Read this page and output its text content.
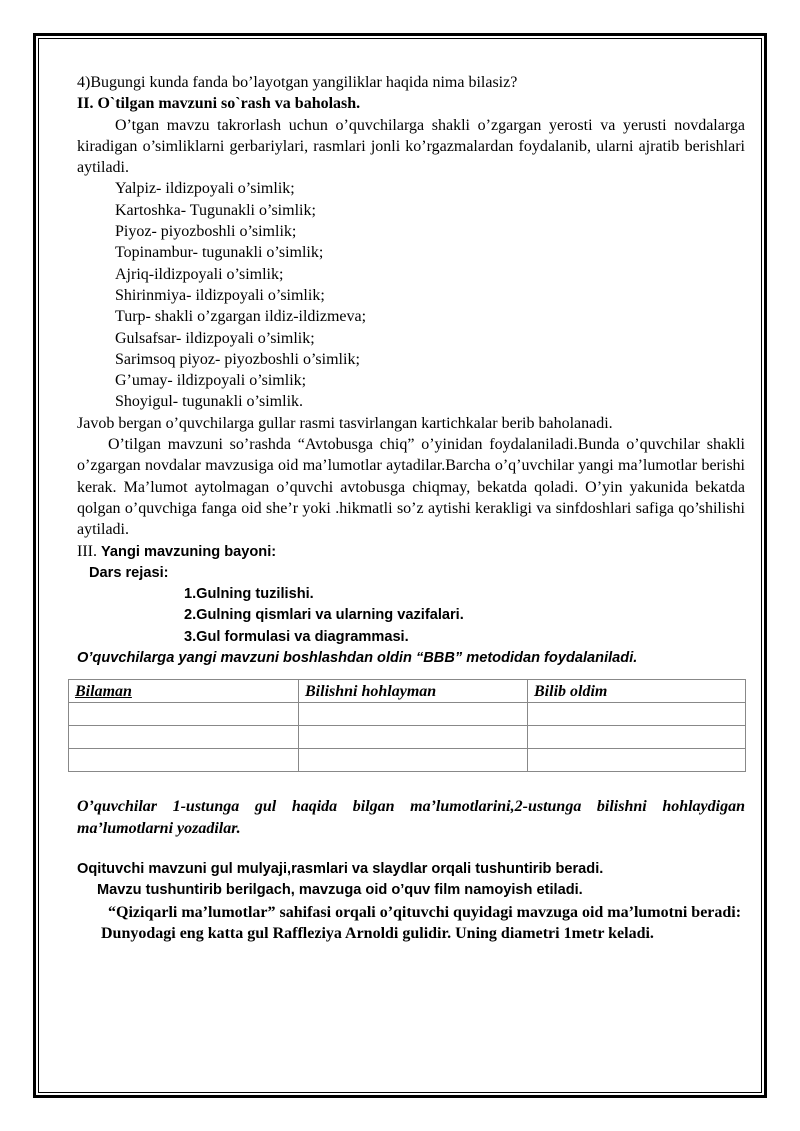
4)Bugungi kunda fanda bo’layotgan yangiliklar haqida nima bilasiz?

II. O`tilgan mavzuni so`rash va baholash.

O’tgan mavzu takrorlash uchun o’quvchilarga shakli o’zgargan yerosti va yerusti novdalarga kiradigan o’simliklarni gerbariylari, rasmlari jonli ko’rgazmalardan foydalanib, ularni ajratib berishlari aytiladi.

Yalpiz- ildizpoyali o’simlik;

Kartoshka- Tugunakli o’simlik;

Piyoz- piyozboshli o’simlik;

Topinambur- tugunakli o’simlik;

Ajriq-ildizpoyali o’simlik;

Shirinmiya- ildizpoyali o’simlik;

Turp- shakli o’zgargan ildiz-ildizmeva;

Gulsafsar- ildizpoyali o’simlik;

Sarimsoq piyoz- piyozboshli o’simlik;

G’umay- ildizpoyali o’simlik;

Shoyigul- tugunakli o’simlik.

Javob bergan o’quvchilarga gullar rasmi tasvirlangan kartichkalar berib baholanadi.

O’tilgan mavzuni so’rashda “Avtobusga chiq” o’yinidan foydalaniladi.Bunda o’quvchilar shakli o’zgargan novdalar mavzusiga oid ma’lumotlar aytadilar.Barcha o’q’uvchilar yangi ma’lumotlar berishi kerak. Ma’lumot aytolmagan o’quvchi avtobusga chiqmay, bekatda qoladi. O’yin yakunida bekatda qolgan o’quvchiga fanga oid she’r yoki .hikmatli so’z aytishi kerakligi va sinfdoshlari safiga qo’shilishi aytiladi.

III. Yangi mavzuning bayoni:

Dars rejasi:

1.Gulning tuzilishi.

2.Gulning qismlari va ularning vazifalari.

3.Gul formulasi va diagrammasi.

O’quvchilarga yangi mavzuni boshlashdan oldin “BBB” metodidan foydalaniladi.

Bilaman	Bilishni hohlayman	Bilib oldim

O’quvchilar 1-ustunga gul haqida bilgan ma’lumotlarini,2-ustunga bilishni hohlaydigan ma’lumotlarni yozadilar.

Oqituvchi mavzuni gul mulyaji,rasmlari va slaydlar orqali tushuntirib beradi.

Mavzu tushuntirib berilgach, mavzuga oid o’quv film namoyish etiladi.

“Qiziqarli ma’lumotlar” sahifasi orqali o’qituvchi quyidagi mavzuga oid ma’lumotni beradi:

Dunyodagi eng katta gul Raffleziya Arnoldi gulidir. Uning diametri 1metr keladi.
